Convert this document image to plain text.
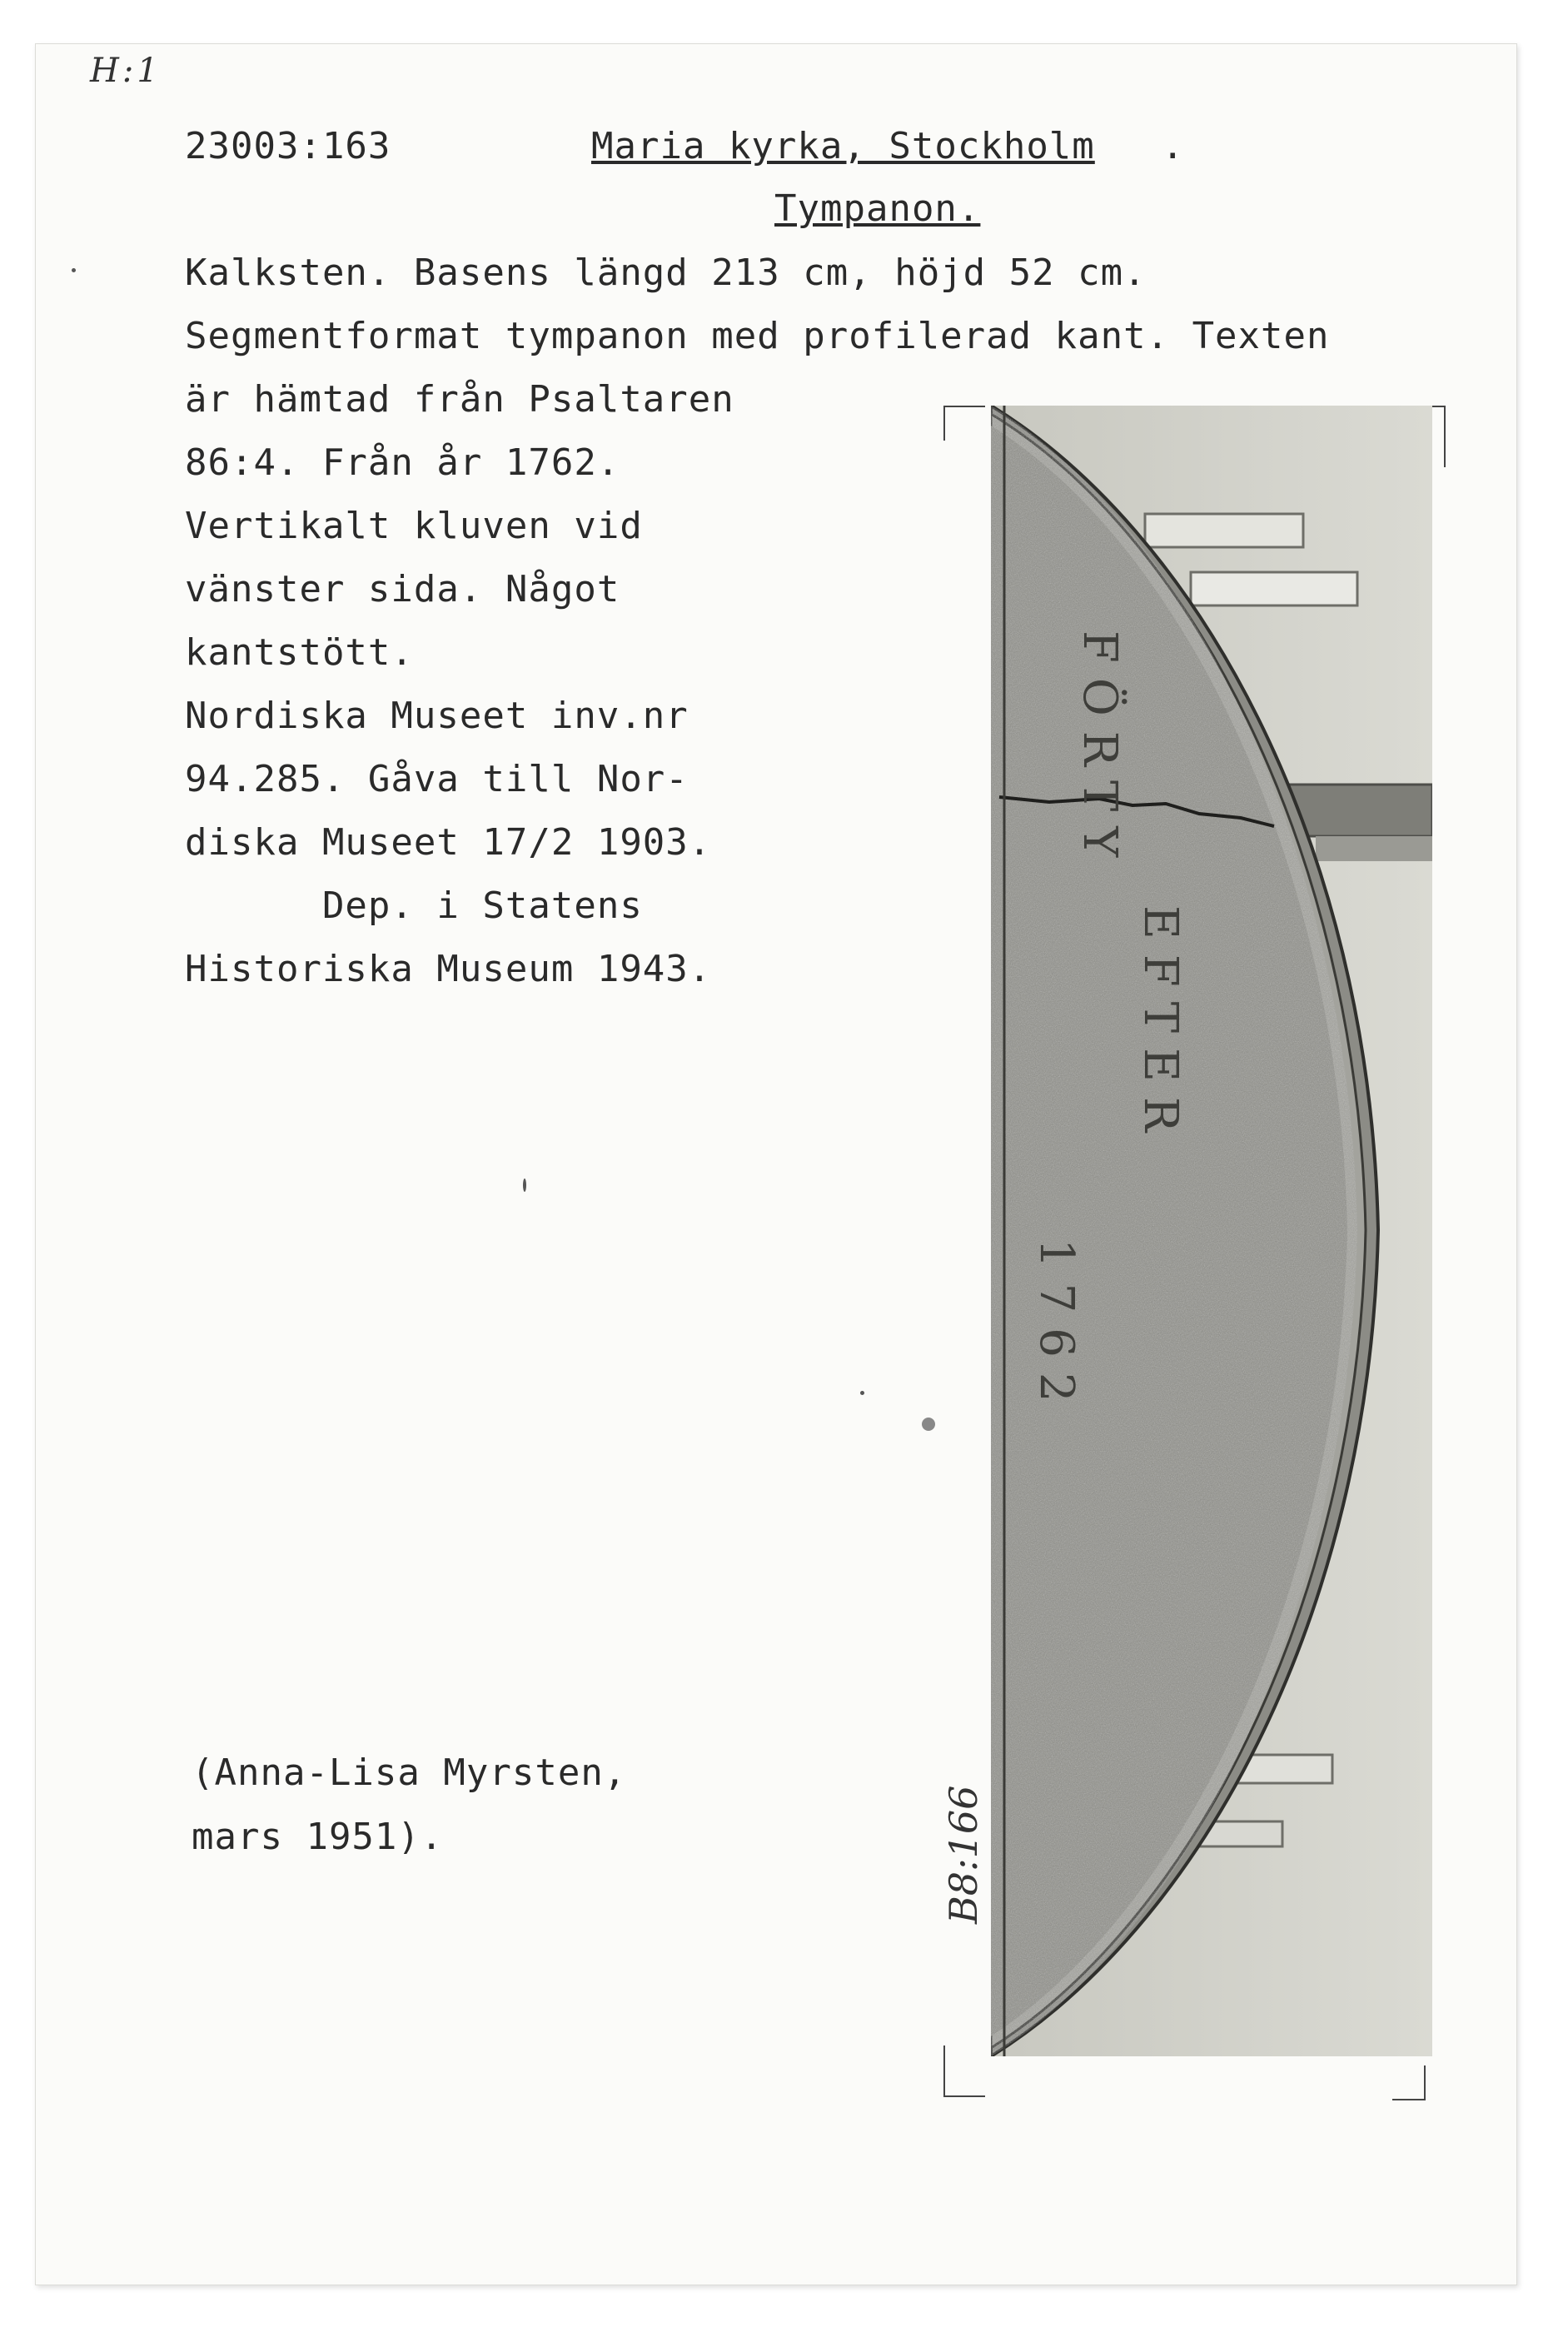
H:1
23003:163	Maria kyrka, Stockholm .
Tympanon.
Kalksten. Basens längd 213 cm, höjd 52 cm.
Segmentformat tympanon med profilerad kant. Texten
är hämtad från Psaltaren
86:4. Från år 1762.
Vertikalt kluven vid
vänster sida. Något
kantstött.
Nordiska Museet inv.nr
94.285. Gåva till Nor-
diska Museet 17/2 1903.
Dep. i Statens
Historiska Museum 1943.
(Anna-Lisa Myrsten,
mars 1951).
FÖRTY
EFTER
1762
B8:166
